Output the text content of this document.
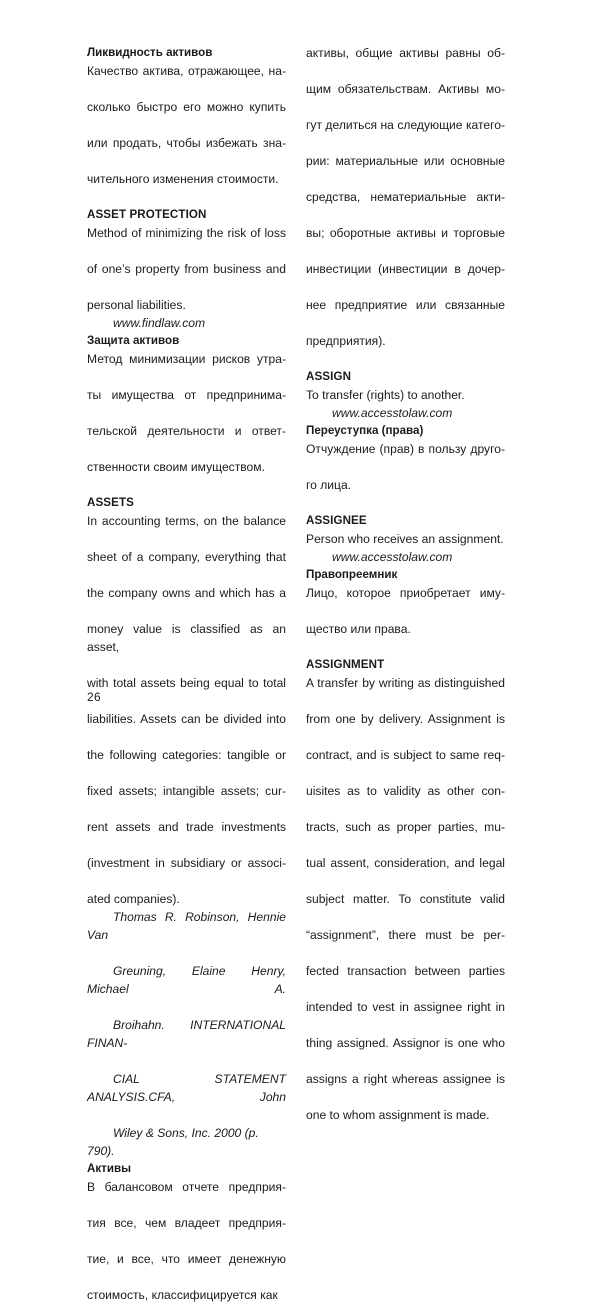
Ликвидность активов

Качество актива, отражающее, на-
сколько быстро его можно купить
или продать, чтобы избежать зна-
чительного изменения стоимости.

ASSET PROTECTION

Method of minimizing the risk of loss
of one’s property from business and
personal liabilities.

www.findlaw.com

Защита активов

Метод минимизации рисков утра-
ты имущества от предпринима-
тельской деятельности и ответ-
ственности своим имуществом.

ASSETS

In accounting terms, on the balance
sheet of a company, everything that
the company owns and which has a
money value is classified as an asset,
with total assets being equal to total
liabilities. Assets can be divided into
the following categories: tangible or
fixed assets; intangible assets; cur-
rent assets and trade investments
(investment in subsidiary or associ-
ated companies).

Thomas R. Robinson, Hennie Van
Greuning, Elaine Henry, Michael A.
Broihahn. INTERNATIONAL FINAN-
CIAL STATEMENT ANALYSIS.CFA, John
Wiley & Sons, Inc. 2000 (p. 790).

Активы

В балансовом отчете предприя-
тия все, чем владеет предприя-
тие, и все, что имеет денежную
стоимость, классифицируется как

активы, общие активы равны об-
щим обязательствам. Активы мо-
гут делиться на следующие катего-
рии: материальные или основные
средства, нематериальные акти-
вы; оборотные активы и торговые
инвестиции (инвестиции в дочер-
нее предприятие или связанные
предприятия).

ASSIGN

To transfer (rights) to another.

www.accesstolaw.com

Переуступка (права)

Отчуждение (прав) в пользу друго-
го лица.

ASSIGNEE

Person who receives an assignment.

www.accesstolaw.com

Правопреемник

Лицо, которое приобретает иму-
щество или права.

ASSIGNMENT

A transfer by writing as distinguished
from one by delivery. Assignment is
contract, and is subject to same req-
uisites as to validity as other con-
tracts, such as proper parties, mu-
tual assent, consideration, and legal
subject matter. To constitute valid
“assignment”, there must be per-
fected transaction between parties
intended to vest in assignee right in
thing assigned. Assignor is one who
assigns a right whereas assignee is
one to whom assignment is made.

26
